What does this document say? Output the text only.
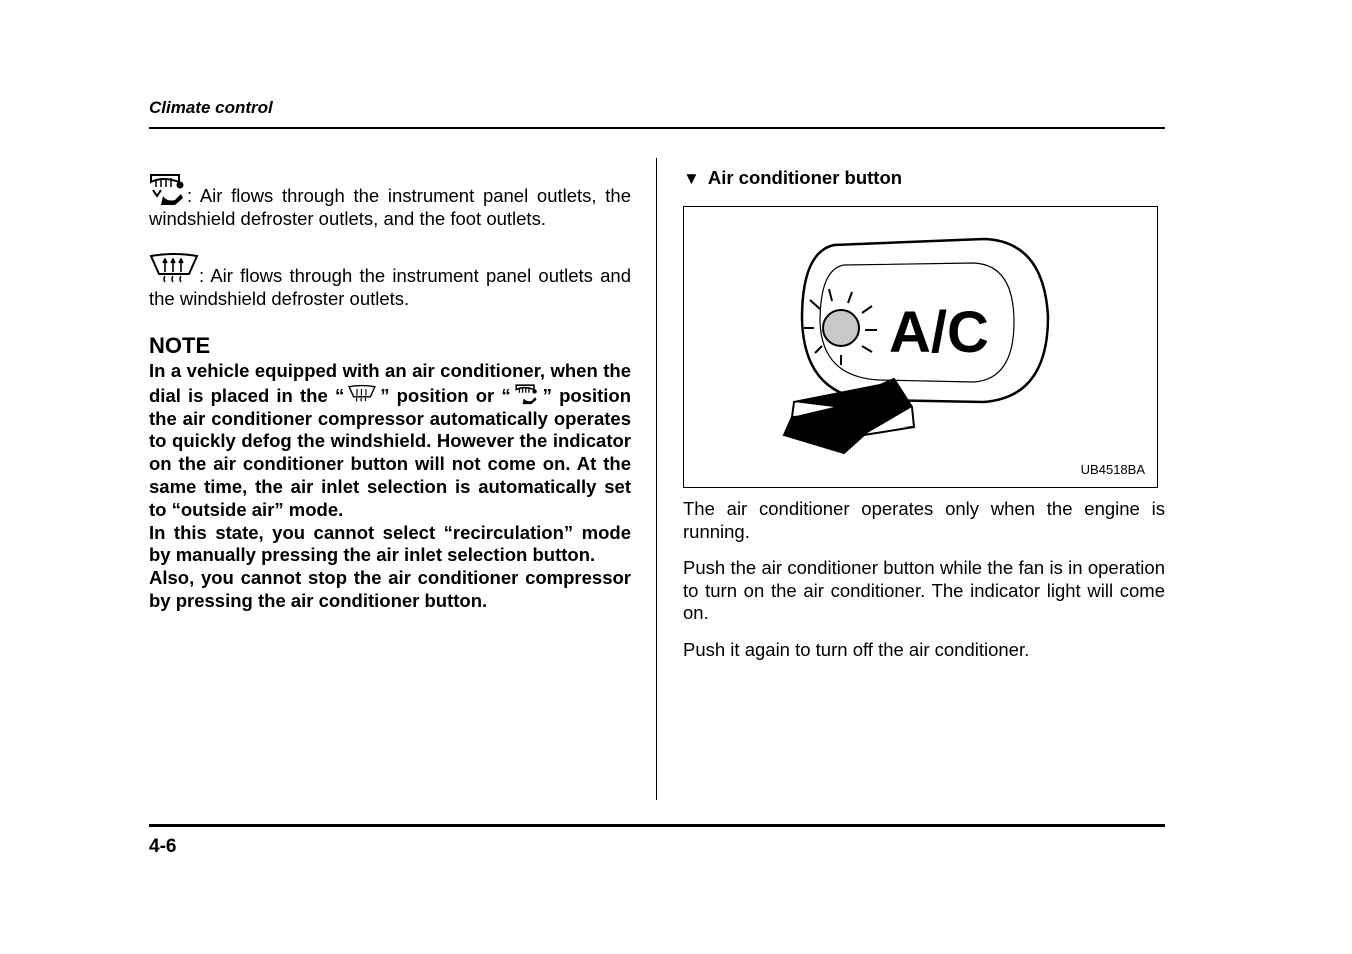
Climate control

: Air flows through the instrument panel outlets, the windshield defroster outlets, and the foot outlets.

: Air flows through the instrument panel outlets and the windshield defroster outlets.

NOTE

In a vehicle equipped with an air conditioner, when the dial is placed in the “ ” position or “ ” position the air conditioner compressor automatically operates to quickly defog the windshield. However the indicator on the air conditioner button will not come on. At the same time, the air inlet selection is automatically set to “outside air” mode.

In this state, you cannot select “recirculation” mode by manually pressing the air inlet selection button.

Also, you cannot stop the air conditioner compressor by pressing the air conditioner button.

▼ Air conditioner button

A/C
UB4518BA

The air conditioner operates only when the engine is running.

Push the air conditioner button while the fan is in operation to turn on the air conditioner. The indicator light will come on.

Push it again to turn off the air conditioner.

4-6
